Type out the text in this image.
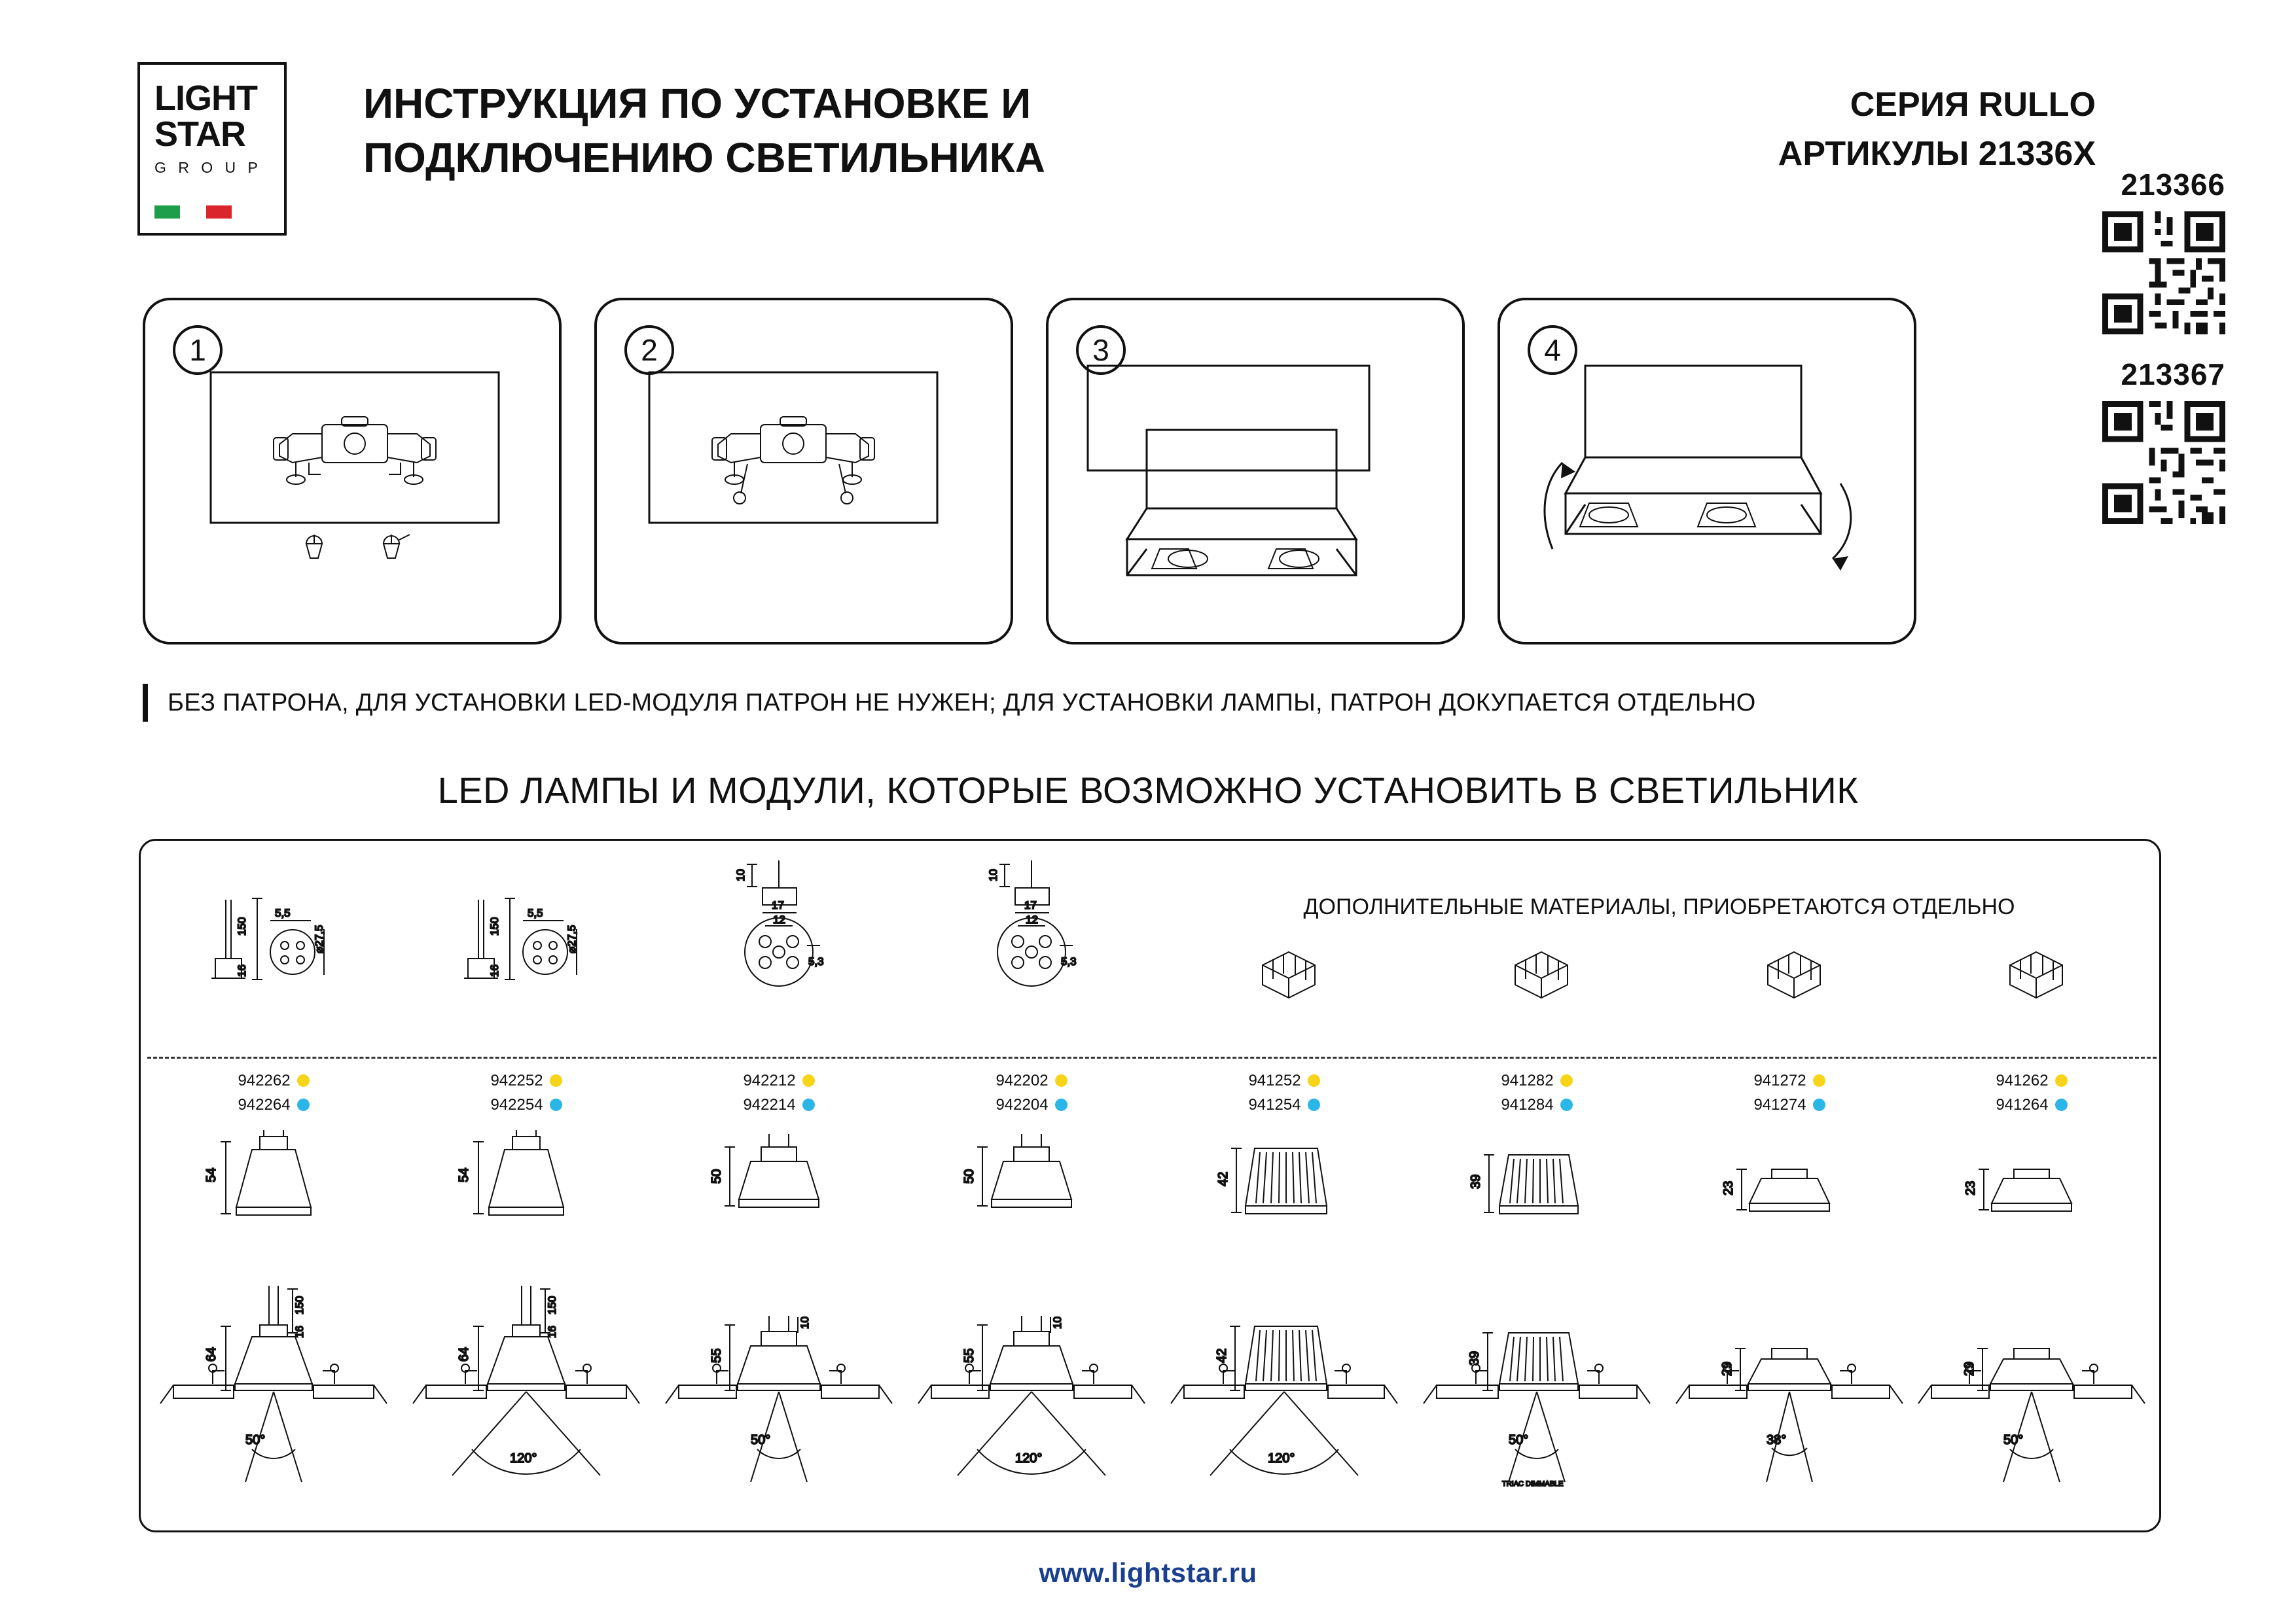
LIGHT
STAR
G R O U P
ИНСТРУКЦИЯ ПО УСТАНОВКЕ И ПОДКЛЮЧЕНИЮ СВЕТИЛЬНИКА
СЕРИЯ RULLO
АРТИКУЛЫ 21336X
213366
213367
1	2	3	4
БЕЗ ПАТРОНА, ДЛЯ УСТАНОВКИ LED-МОДУЛЯ ПАТРОН НЕ НУЖЕН; ДЛЯ УСТАНОВКИ ЛАМПЫ, ПАТРОН ДОКУПАЕТСЯ ОТДЕЛЬНО
LED ЛАМПЫ И МОДУЛИ, КОТОРЫЕ ВОЗМОЖНО УСТАНОВИТЬ В СВЕТИЛЬНИК
ДОПОЛНИТЕЛЬНЫЕ МАТЕРИАЛЫ, ПРИОБРЕТАЮТСЯ ОТДЕЛЬНО
150
16
5,5
⌀27,5
942262
942264
54
150
16
64
50°
150
16
5,5
⌀27,5
942252
942254
54
150
16
64
120°
10
17
12
5,3
942212
942214
50
10
55
50°
10
17
12
5,3
942202
942204
50
10
55
120°
941252
941254
42
42
120°
941282
941284
39
39
50°
TRIAC DIMMABLE
941272
941274
23
29
38°
941262
941264
23
29
50°
www.lightstar.ru
